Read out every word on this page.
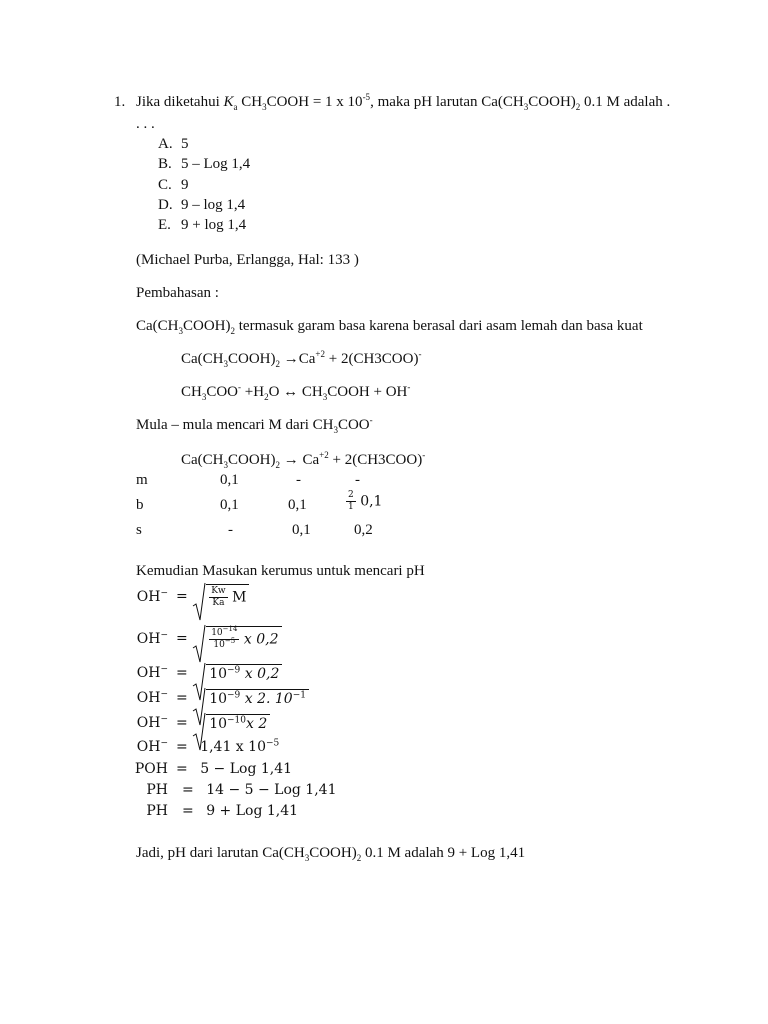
1. Jika diketahui $K_a$ $CH_3COOH = 1$ x $10^{-5}$, maka pH larutan $Ca(CH_3COOH)_2$ 0.1 M adalah .
. . .
A. 5
B. 5 – Log 1,4
C. 9
D. 9 – log 1,4
E. 9 + log 1,4
(Michael Purba, Erlangga, Hal: 133 )
Pembahasan :
$Ca(CH_3COOH)_2$ termasuk garam basa karena berasal dari asam lemah dan basa kuat
$Ca(CH_3COOH)_2 \to Ca^{+2} + 2(CH3COO)^-$
$CH_3COO^- +H_2O$ ↔ $CH_3COOH + OH^-$
Mula – mula mencari M dari $CH_3COO^-$
$Ca(CH_3COOH)_2 \to Ca^{+2} + 2(CH3COO)^-$
m	0,1	-	-
b	0,1	0,1	$\frac{2}{1} 0,1$
s	-	0,1	0,2
Kemudian Masukan kerumus untuk mencari pH
$OH^- = \frac{Kw}{Ka}$ M
$OH^- = \frac{10^{-14}}{10^{-5}}$ x 0,2
$OH^- = 10^{-9}$ x 0,2
$OH^- = 10^{-9}$ x 2. $10^{-1}$
$OH^- = 10^{-10}x$ 2
OH− = 1,41 x $10^{-5}$
POH = 5 − Log 1,41
PH = 14 − 5 − Log 1,41
PH = 9 + Log 1,41
Jadi, pH dari larutan $Ca(CH_3COOH)_2$ 0.1 M adalah 9 + Log 1,41
